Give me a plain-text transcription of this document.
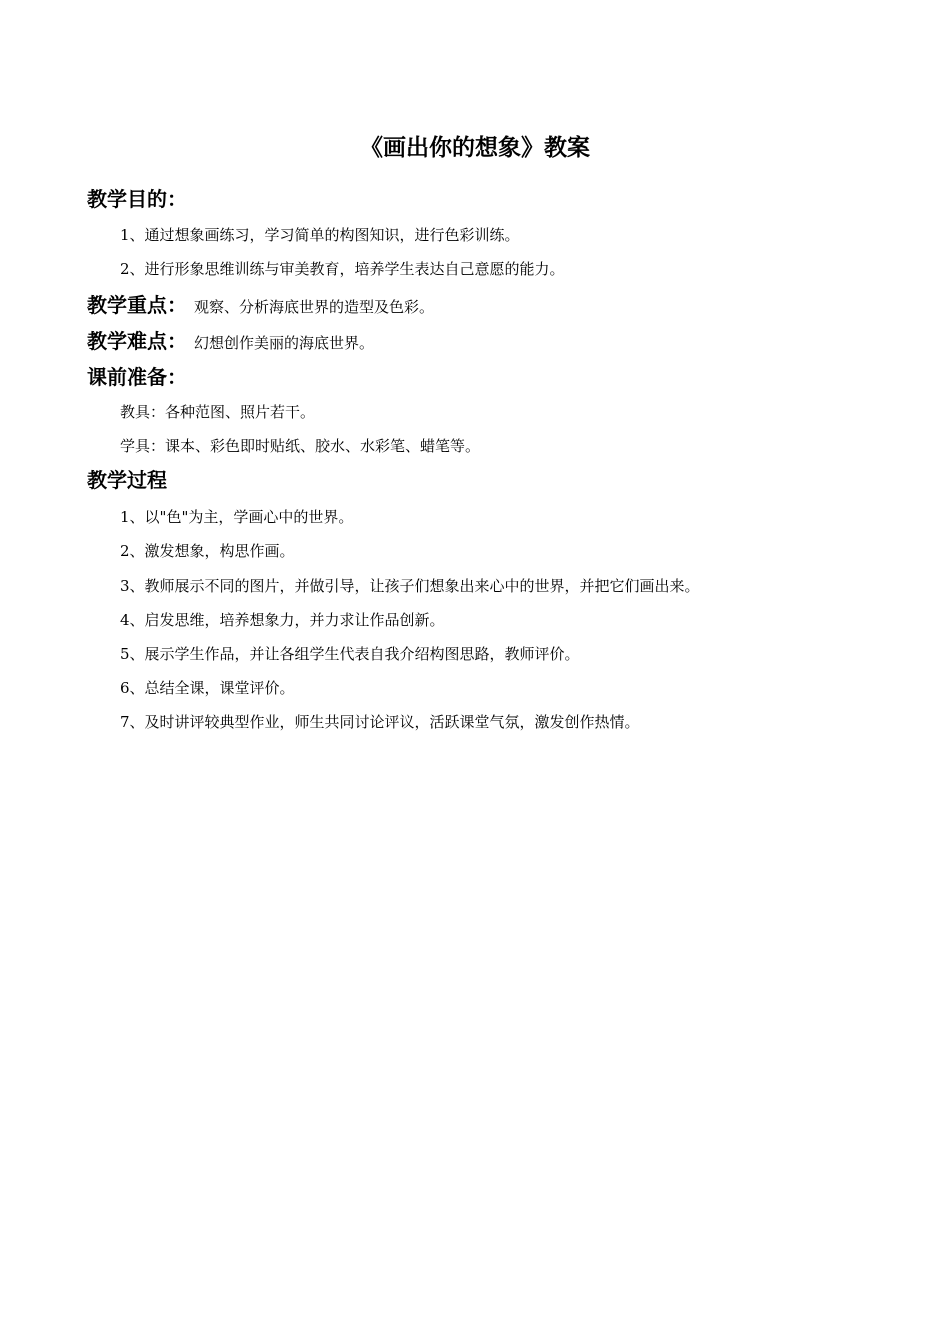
《画出你的想象》教案
教学目的：
1、通过想象画练习，学习简单的构图知识，进行色彩训练。
2、进行形象思维训练与审美教育，培养学生表达自己意愿的能力。
教学重点： 观察、分析海底世界的造型及色彩。
教学难点： 幻想创作美丽的海底世界。
课前准备：
教具：各种范图、照片若干。
学具：课本、彩色即时贴纸、胶水、水彩笔、蜡笔等。
教学过程
1、以"色"为主，学画心中的世界。
2、激发想象，构思作画。
3、教师展示不同的图片，并做引导，让孩子们想象出来心中的世界，并把它们画出来。
4、启发思维，培养想象力，并力求让作品创新。
5、展示学生作品，并让各组学生代表自我介绍构图思路，教师评价。
6、总结全课，课堂评价。
7、及时讲评较典型作业，师生共同讨论评议，活跃课堂气氛，激发创作热情。
